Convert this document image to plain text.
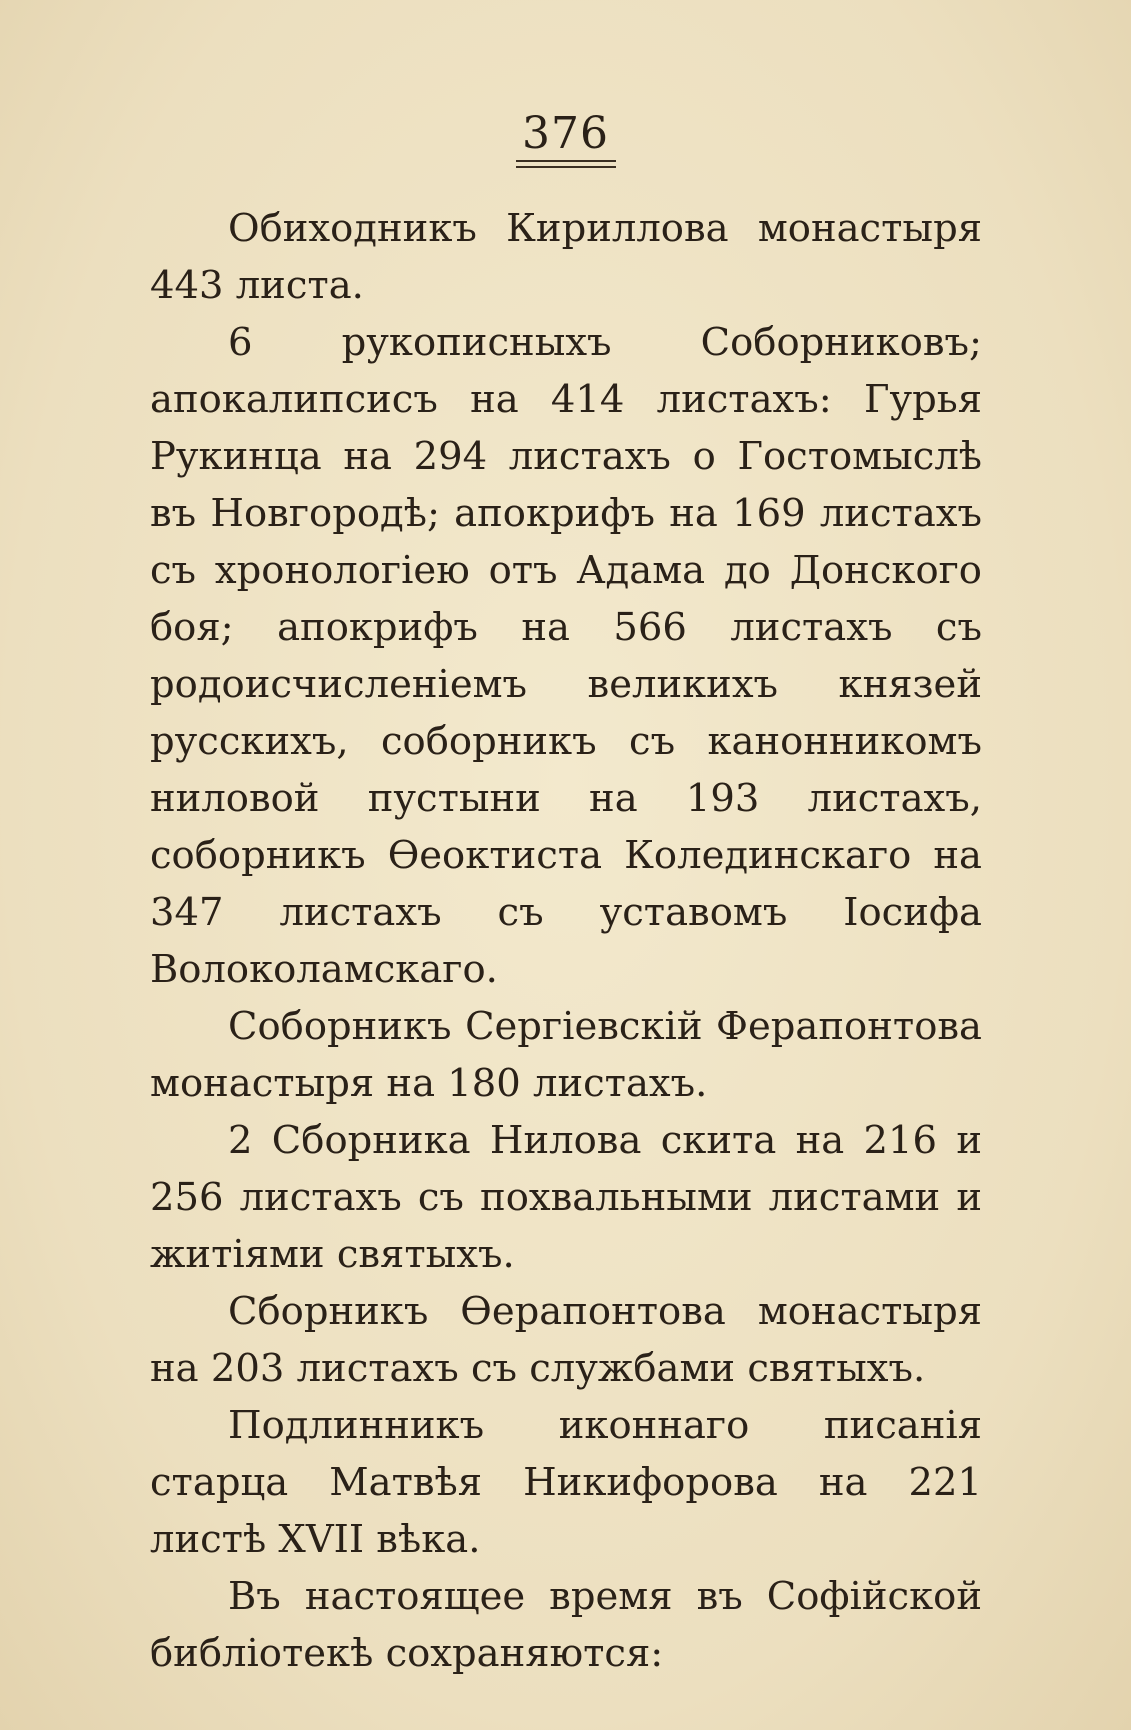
376

Обиходникъ Кириллова монастыря 443 листа.

6 рукописныхъ Соборниковъ; апокалипсисъ на 414 листахъ: Гурья Рукинца на 294 листахъ о Гостомыслѣ въ Новгородѣ; апокрифъ на 169 листахъ съ хронологіею отъ Адама до Донского боя; апокрифъ на 566 листахъ съ родоисчисленіемъ великихъ князей русскихъ, соборникъ съ канонникомъ ниловой пустыни на 193 листахъ, соборникъ Өеоктиста Колединскаго на 347 листахъ съ уставомъ Іосифа Волоколамскаго.

Соборникъ Сергіевскій Ферапонтова монастыря на 180 листахъ.

2 Сборника Нилова скита на 216 и 256 листахъ съ похвальными листами и житіями святыхъ.

Сборникъ Өерапонтова монастыря на 203 листахъ съ службами святыхъ.

Подлинникъ иконнаго писанія старца Матвѣя Никифорова на 221 листѣ XVII вѣка.

Въ настоящее время въ Софійской библіотекѣ сохраняются:
